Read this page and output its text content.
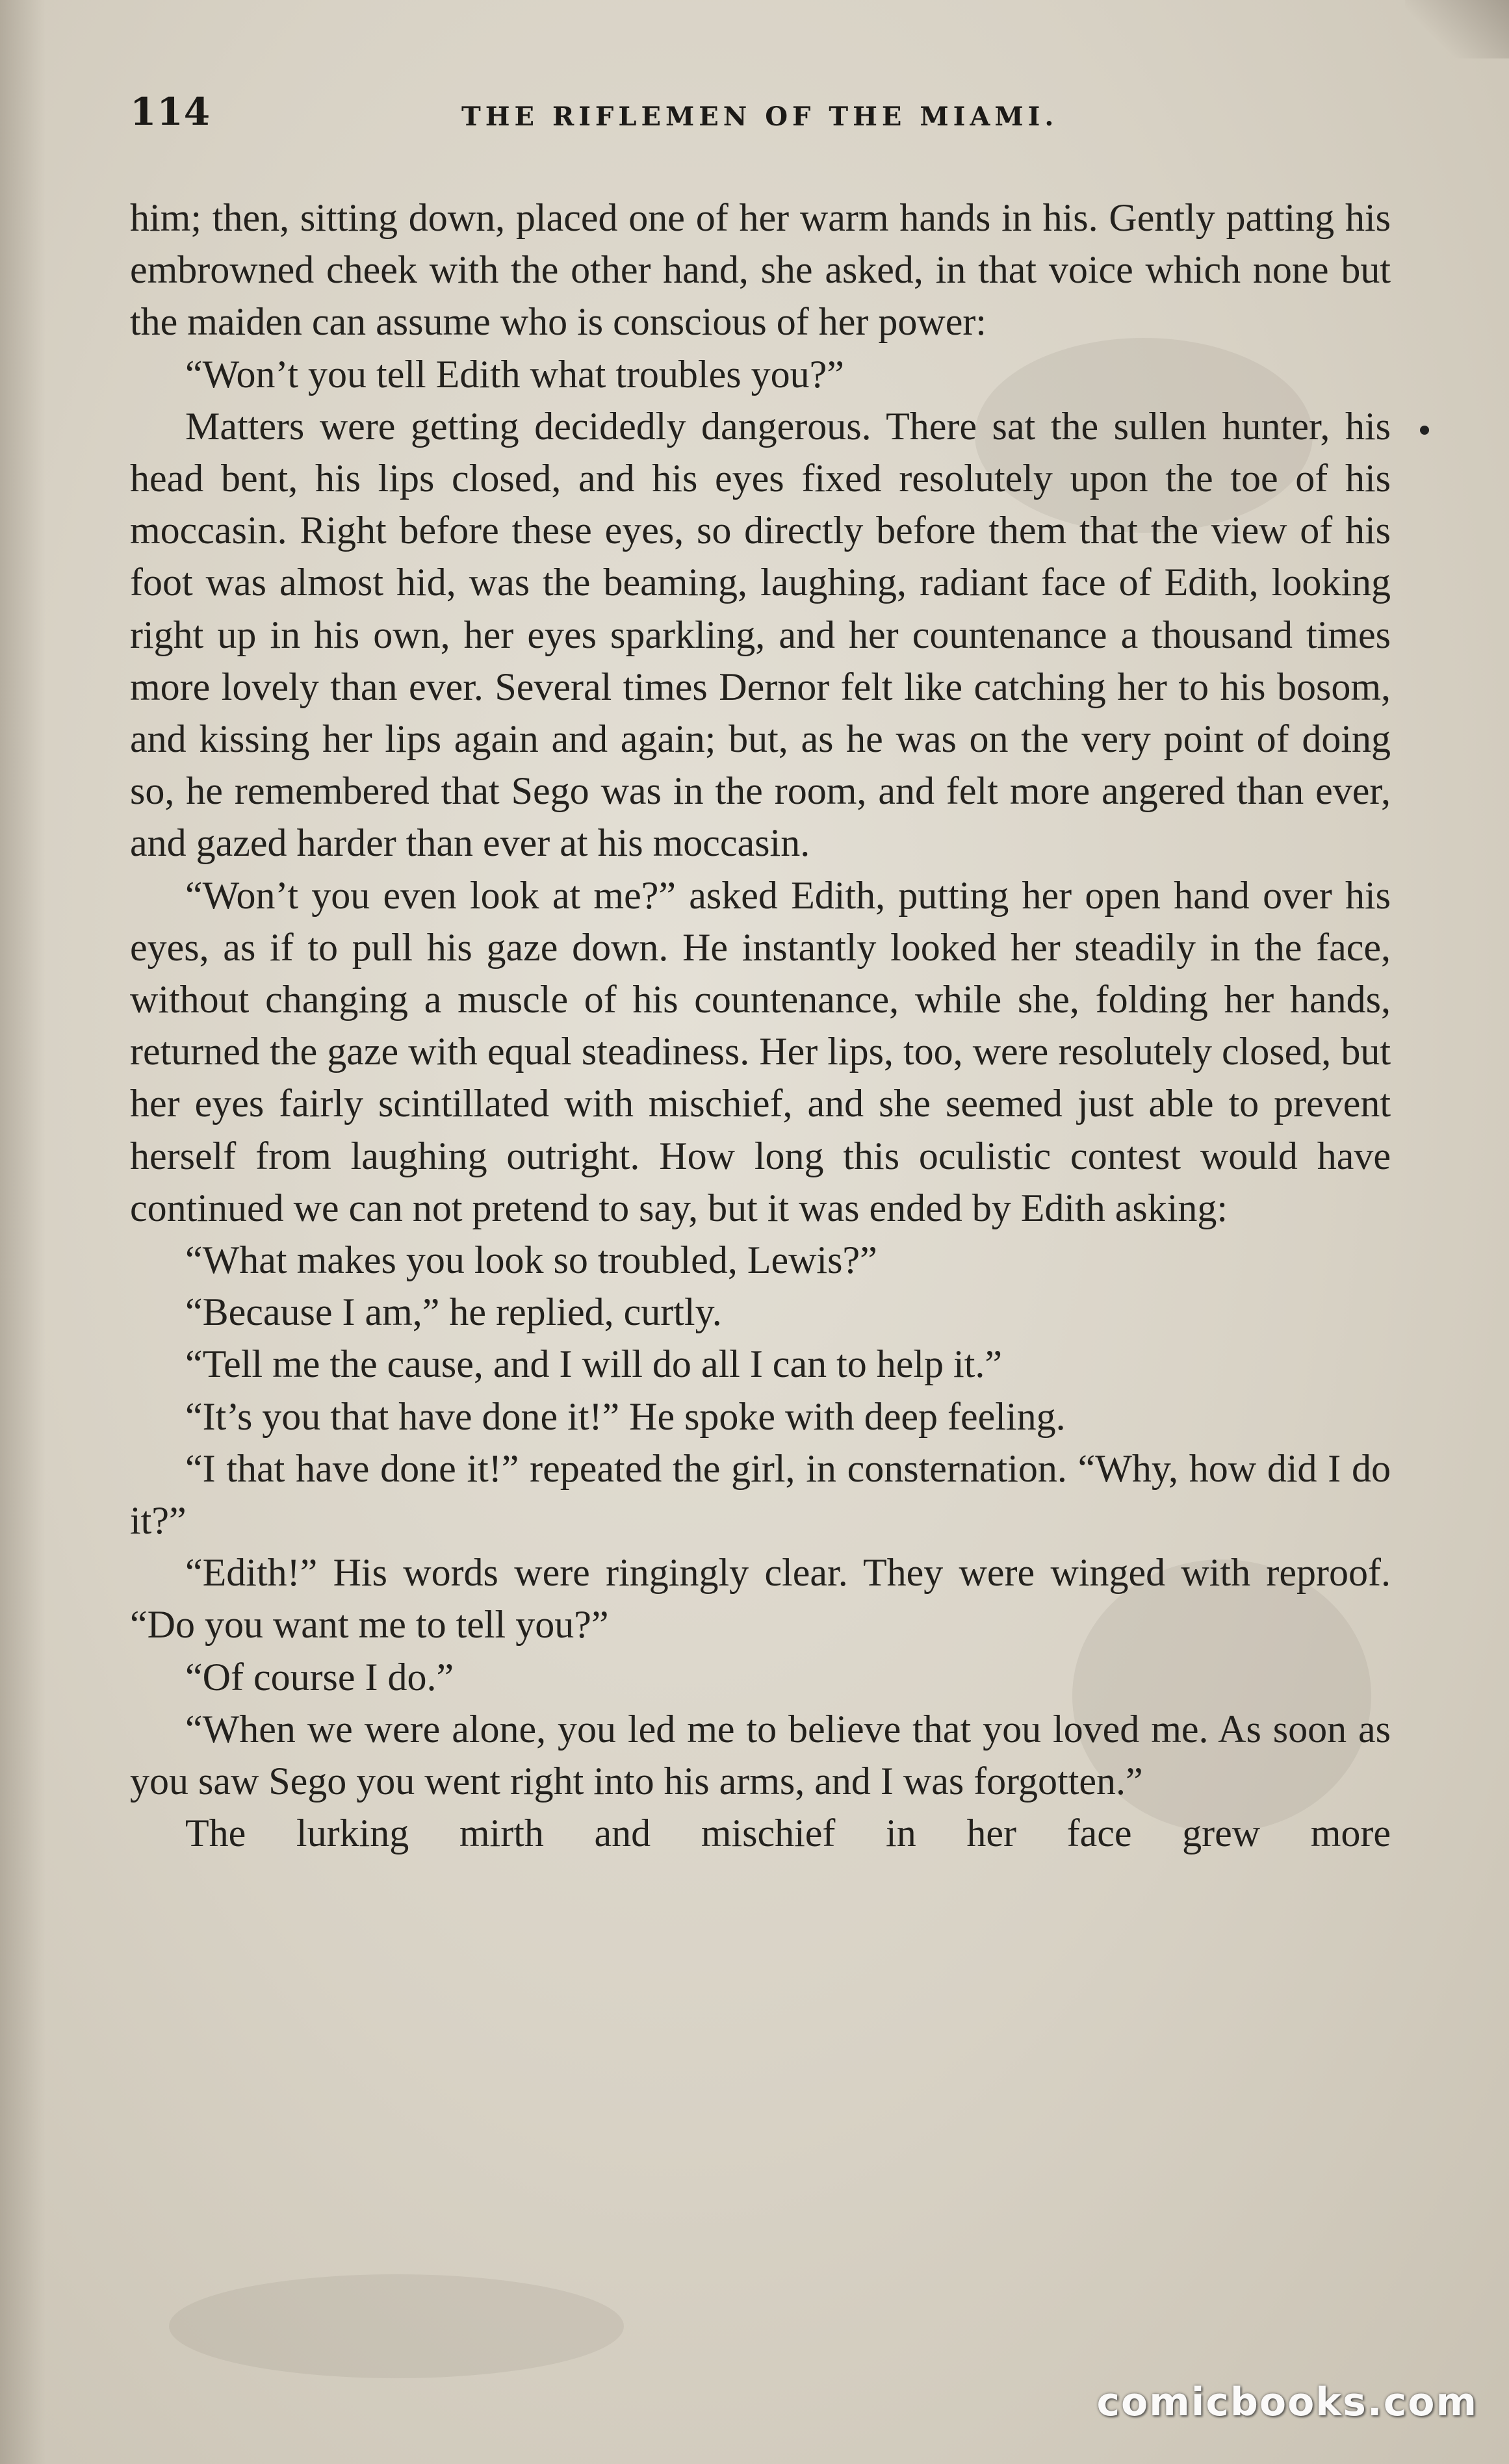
114	THE RIFLEMEN OF THE MIAMI.

him; then, sitting down, placed one of her warm hands in his. Gently patting his embrowned cheek with the other hand, she asked, in that voice which none but the maiden can assume who is conscious of her power:

“Won’t you tell Edith what troubles you?”

Matters were getting decidedly dangerous. There sat the sullen hunter, his head bent, his lips closed, and his eyes fixed resolutely upon the toe of his moccasin. Right before these eyes, so directly before them that the view of his foot was almost hid, was the beaming, laughing, radiant face of Edith, looking right up in his own, her eyes sparkling, and her countenance a thousand times more lovely than ever. Several times Dernor felt like catching her to his bosom, and kissing her lips again and again; but, as he was on the very point of doing so, he remembered that Sego was in the room, and felt more angered than ever, and gazed harder than ever at his moccasin.

“Won’t you even look at me?” asked Edith, putting her open hand over his eyes, as if to pull his gaze down. He instantly looked her steadily in the face, without changing a muscle of his countenance, while she, folding her hands, returned the gaze with equal steadiness. Her lips, too, were resolutely closed, but her eyes fairly scintillated with mischief, and she seemed just able to prevent herself from laughing outright. How long this oculistic contest would have continued we can not pretend to say, but it was ended by Edith asking:

“What makes you look so troubled, Lewis?”

“Because I am,” he replied, curtly.

“Tell me the cause, and I will do all I can to help it.”

“It’s you that have done it!” He spoke with deep feeling.

“I that have done it!” repeated the girl, in consternation. “Why, how did I do it?”

“Edith!” His words were ringingly clear. They were winged with reproof. “Do you want me to tell you?”

“Of course I do.”

“When we were alone, you led me to believe that you loved me. As soon as you saw Sego you went right into his arms, and I was forgotten.”

The lurking mirth and mischief in her face grew more

comicbooks.com
